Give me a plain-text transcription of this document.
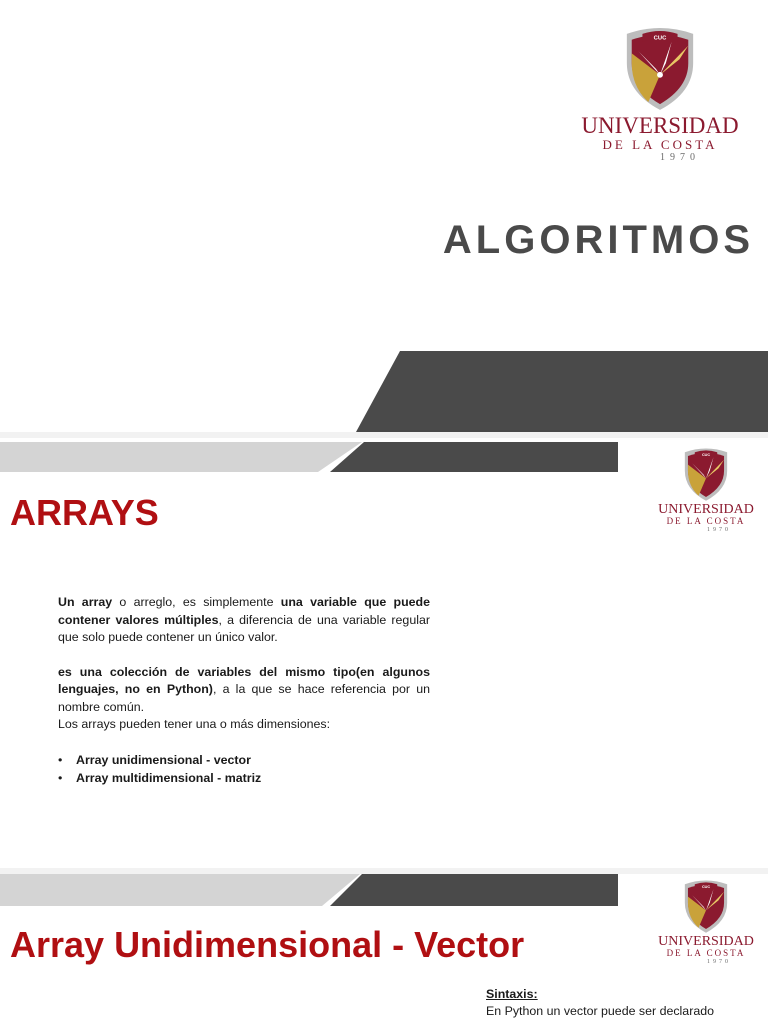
CUC
UNIVERSIDAD
DE LA COSTA
1970
ALGORITMOS
CUC
UNIVERSIDAD
DE LA COSTA
1970
ARRAYS

Un array o arreglo, es simplemente una variable que puede contener valores múltiples, a diferencia de una variable regular que solo puede contener un único valor.

es una colección de variables del mismo tipo(en algunos lenguajes, no en Python), a la que se hace referencia por un nombre común.

Los arrays pueden tener una o más dimensiones:

• Array unidimensional - vector
• Array multidimensional - matriz
CUC
UNIVERSIDAD
DE LA COSTA
1970
Array Unidimensional - Vector
Sintaxis:
En Python un vector puede ser declarado
